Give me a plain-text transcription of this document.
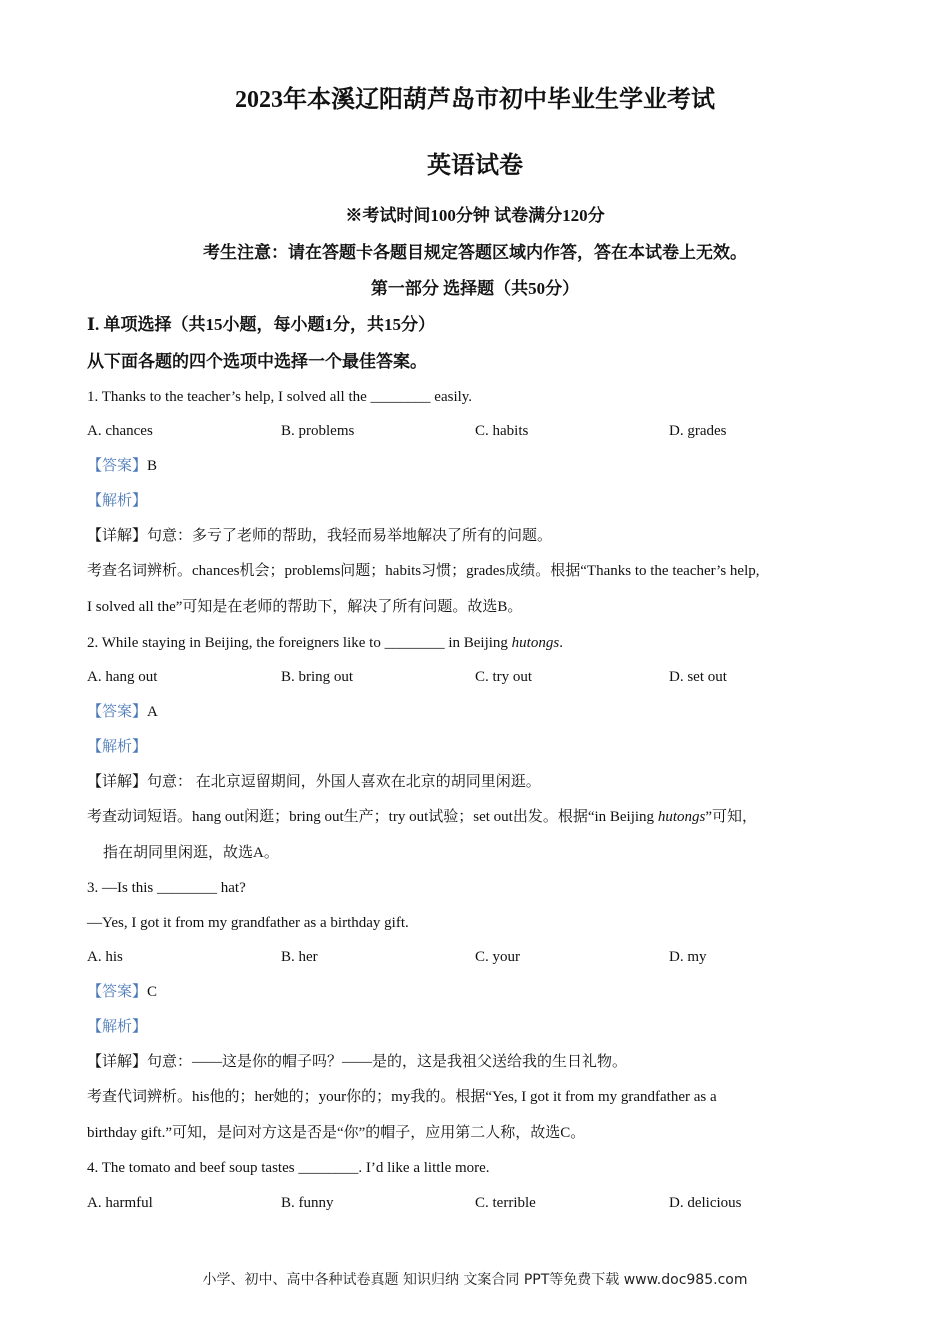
2023年本溪辽阳葫芦岛市初中毕业生学业考试
英语试卷
※考试时间100分钟 试卷满分120分
考生注意：请在答题卡各题目规定答题区域内作答，答在本试卷上无效。
第一部分 选择题（共50分）
Ⅰ. 单项选择（共15小题，每小题1分，共15分）
从下面各题的四个选项中选择一个最佳答案。
1. Thanks to the teacher’s help, I solved all the ________ easily.
A. chances	B. problems	C. habits	D. grades
【答案】B
【解析】
【详解】句意：多亏了老师的帮助，我轻而易举地解决了所有的问题。
考查名词辨析。chances机会；problems问题；habits习惯；grades成绩。根据“Thanks to the teacher’s help,
I solved all the”可知是在老师的帮助下，解决了所有问题。故选B。
2. While staying in Beijing, the foreigners like to ________ in Beijing hutongs.
A. hang out	B. bring out	C. try out	D. set out
【答案】A
【解析】
【详解】句意： 在北京逗留期间，外国人喜欢在北京的胡同里闲逛。
考查动词短语。hang out闲逛；bring out生产；try out试验；set out出发。根据“in Beijing hutongs”可知，
指在胡同里闲逛，故选A。
3. —Is this ________ hat?
—Yes, I got it from my grandfather as a birthday gift.
A. his	B. her	C. your	D. my
【答案】C
【解析】
【详解】句意：——这是你的帽子吗？——是的，这是我祖父送给我的生日礼物。
考查代词辨析。his他的；her她的；your你的；my我的。根据“Yes, I got it from my grandfather as a
birthday gift.”可知，是问对方这是否是“你”的帽子，应用第二人称，故选C。
4. The tomato and beef soup tastes ________. I’d like a little more.
A. harmful	B. funny	C. terrible	D. delicious
小学、初中、高中各种试卷真题 知识归纳 文案合同 PPT等免费下载 www.doc985.com
